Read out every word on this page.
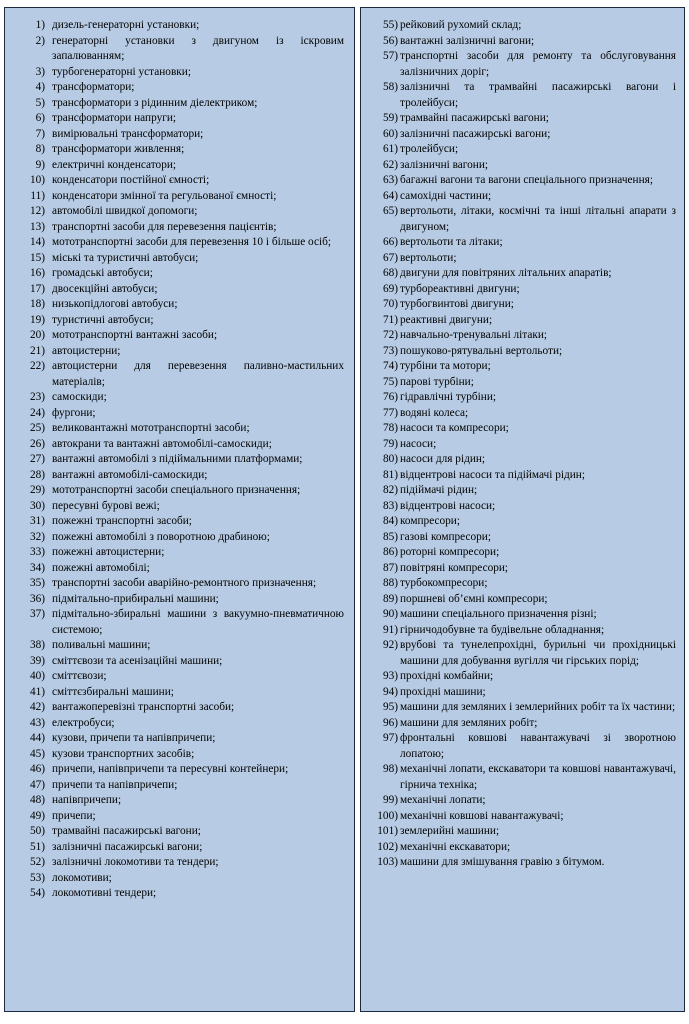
1) дизель-генераторні установки;
2) генераторні установки з двигуном із іскровим запалюванням;
3) турбогенераторні установки;
4) трансформатори;
5) трансформатори з рідинним діелектриком;
6) трансформатори напруги;
7) вимірювальні трансформатори;
8) трансформатори живлення;
9) електричні конденсатори;
10) конденсатори постійної ємності;
11) конденсатори змінної та регульованої ємності;
12) автомобілі швидкої допомоги;
13) транспортні засоби для перевезення пацієнтів;
14) мототранспортні засоби для перевезення 10 і більше осіб;
15) міські та туристичні автобуси;
16) громадські автобуси;
17) двосекційні автобуси;
18) низькопідлогові автобуси;
19) туристичні автобуси;
20) мототранспортні вантажні засоби;
21) автоцистерни;
22) автоцистерни для перевезення паливно-мастильних матеріалів;
23) самоскиди;
24) фургони;
25) великовантажні мототранспортні засоби;
26) автокрани та вантажні автомобілі-самоскиди;
27) вантажні автомобілі з підіймальними платформами;
28) вантажні автомобілі-самоскиди;
29) мототранспортні засоби спеціального призначення;
30) пересувні бурові вежі;
31) пожежні транспортні засоби;
32) пожежні автомобілі з поворотною драбиною;
33) пожежні автоцистерни;
34) пожежні автомобілі;
35) транспортні засоби аварійно-ремонтного призначення;
36) підмітально-прибиральні машини;
37) підмітально-збиральні машини з вакуумно-пневматичною системою;
38) поливальні машини;
39) сміттєвози та асенізаційні машини;
40) сміттєвози;
41) сміттєзбиральні машини;
42) вантажоперевізні транспортні засоби;
43) електробуси;
44) кузови, причепи та напівпричепи;
45) кузови транспортних засобів;
46) причепи, напівпричепи та пересувні контейнери;
47) причепи та напівпричепи;
48) напівпричепи;
49) причепи;
50) трамвайні пасажирські вагони;
51) залізничні пасажирські вагони;
52) залізничні локомотиви та тендери;
53) локомотиви;
54) локомотивні тендери;
55) рейковий рухомий склад;
56) вантажні залізничні вагони;
57) транспортні засоби для ремонту та обслуговування залізничних доріг;
58) залізничні та трамвайні пасажирські вагони і тролейбуси;
59) трамвайні пасажирські вагони;
60) залізничні пасажирські вагони;
61) тролейбуси;
62) залізничні вагони;
63) багажні вагони та вагони спеціального призначення;
64) самохідні частини;
65) вертольоти, літаки, космічні та інші літальні апарати з двигуном;
66) вертольоти та літаки;
67) вертольоти;
68) двигуни для повітряних літальних апаратів;
69) турбореактивні двигуни;
70) турбогвинтові двигуни;
71) реактивні двигуни;
72) навчально-тренувальні літаки;
73) пошуково-рятувальні вертольоти;
74) турбіни та мотори;
75) парові турбіни;
76) гідравлічні турбіни;
77) водяні колеса;
78) насоси та компресори;
79) насоси;
80) насоси для рідин;
81) відцентрові насоси та підіймачі рідин;
82) підіймачі рідин;
83) відцентрові насоси;
84) компресори;
85) газові компресори;
86) роторні компресори;
87) повітряні компресори;
88) турбокомпресори;
89) поршневі об’ємні компресори;
90) машини спеціального призначення різні;
91) гірничодобувне та будівельне обладнання;
92) врубові та тунелепрохідні, бурильні чи прохідницькі машини для добування вугілля чи гірських порід;
93) прохідні комбайни;
94) прохідні машини;
95) машини для земляних і землерийних робіт та їх частини;
96) машини для земляних робіт;
97) фронтальні ковшові навантажувачі зі зворотною лопатою;
98) механічні лопати, екскаватори та ковшові навантажувачі, гірнича техніка;
99) механічні лопати;
100) механічні ковшові навантажувачі;
101) землерийні машини;
102) механічні екскаватори;
103) машини для змішування гравію з бітумом.
